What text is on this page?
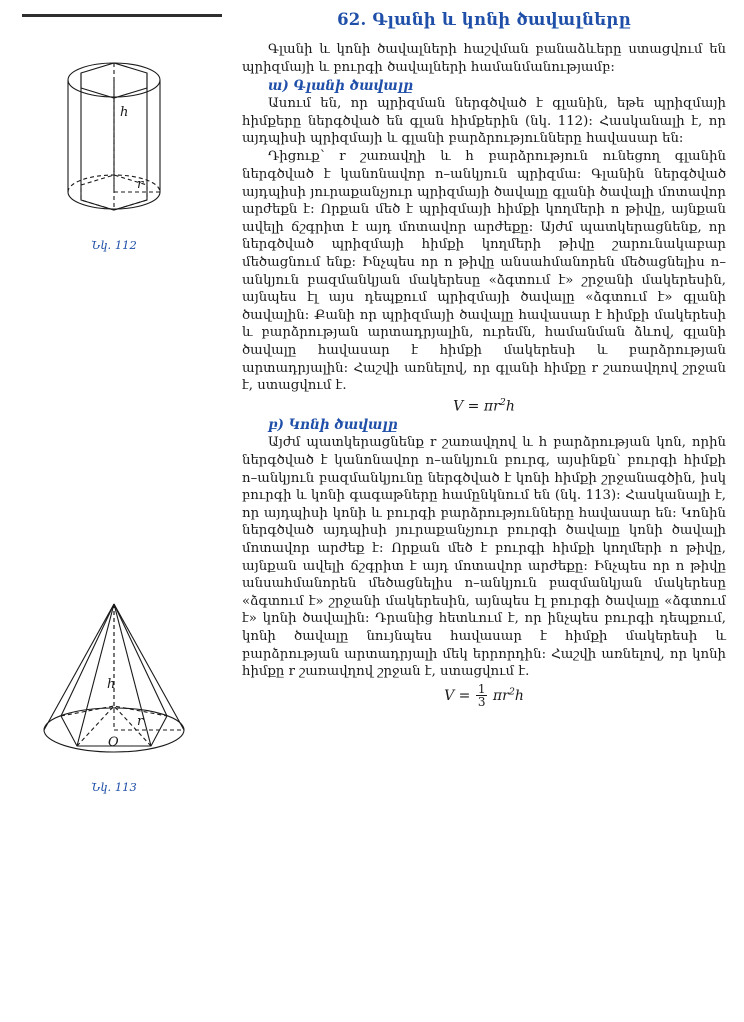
h
r
Նկ. 112
h
r
O
Նկ. 113
62. Գլանի և կոնի ծավալները

Գլանի և կոնի ծավալների հաշվման բանաձևերը ստացվում են պրիզմայի և բուրգի ծավալների համանմանությամբ:

ա) Գլանի ծավալը

Ասում են, որ պրիզման ներգծված է գլանին, եթե պրիզմայի հիմքերը ներգծված են գլան հիմքերին (նկ. 112): Հասկանալի է, որ այդպիսի պրիզմայի և գլանի բարձրությունները հավասար են:

Դիցուք՝ r շառավղի և h բարձրություն ունեցող գլանին ներգծված է կանոնավոր n–անկյուն պրիզմա: Գլանին ներգծված այդպիսի յուրաքանչյուր պրիզմայի ծավալը գլանի ծավալի մոտավոր արժեքն է: Որքան մեծ է պրիզմայի հիմքի կողմերի n թիվը, այնքան ավելի ճշգրիտ է այդ մոտավոր արժեքը: Այժմ պատկերացնենք, որ ներգծված պրիզմայի հիմքի կողմերի թիվը շարունակաբար մեծացնում ենք: Ինչպես որ n թիվը անսահմանորեն մեծացնելիս n–անկյուն բազմանկյան մակերեսը «ձգտում է» շրջանի մակերեսին, այնպես էլ այս դեպքում պրիզմայի ծավալը «ձգտում է» գլանի ծավալին: Քանի որ պրիզմայի ծավալը հավասար է հիմքի մակերեսի և բարձրության արտադրյալին, ուրեմն, համանման ձևով, գլանի ծավալը հավասար է հիմքի մակերեսի և բարձրության արտադրյալին: Հաշվի առնելով, որ գլանի հիմքը r շառավղով շրջան է, ստացվում է.

$V = \pi r^2h$
բ) Կոնի ծավալը

Այժմ պատկերացնենք r շառավղով և h բարձրության կոն, որին ներգծված է կանոնավոր n–անկյուն բուրգ, այսինքն՝ բուրգի հիմքի n–անկյուն բազմանկյունը ներգծված է կոնի հիմքի շրջանագծին, իսկ բուրգի և կոնի գագաթները համընկնում են (նկ. 113): Հասկանալի է, որ այդպիսի կոնի և բուրգի բարձրությունները հավասար են: Կոնին ներգծված այդպիսի յուրաքանչյուր բուրգի ծավալը կոնի ծավալի մոտավոր արժեք է: Որքան մեծ է բուրգի հիմքի կողմերի n թիվը, այնքան ավելի ճշգրիտ է այդ մոտավոր արժեքը: Ինչպես որ n թիվը անսահմանորեն մեծացնելիս n–անկյուն բազմանկյան մակերեսը «ձգտում է» շրջանի մակերեսին, այնպես էլ բուրգի ծավալը «ձգտում է» կոնի ծավալին: Դրանից հետևում է, որ ինչպես բուրգի դեպքում, կոնի ծավալը նույնպես հավասար է հիմքի մակերեսի և բարձրության արտադրյալի մեկ երրորդին: Հաշվի առնելով, որ կոնի հիմքը r շառավղով շրջան է, ստացվում է.

$V = \frac{1}{3} \pi r^2h$
